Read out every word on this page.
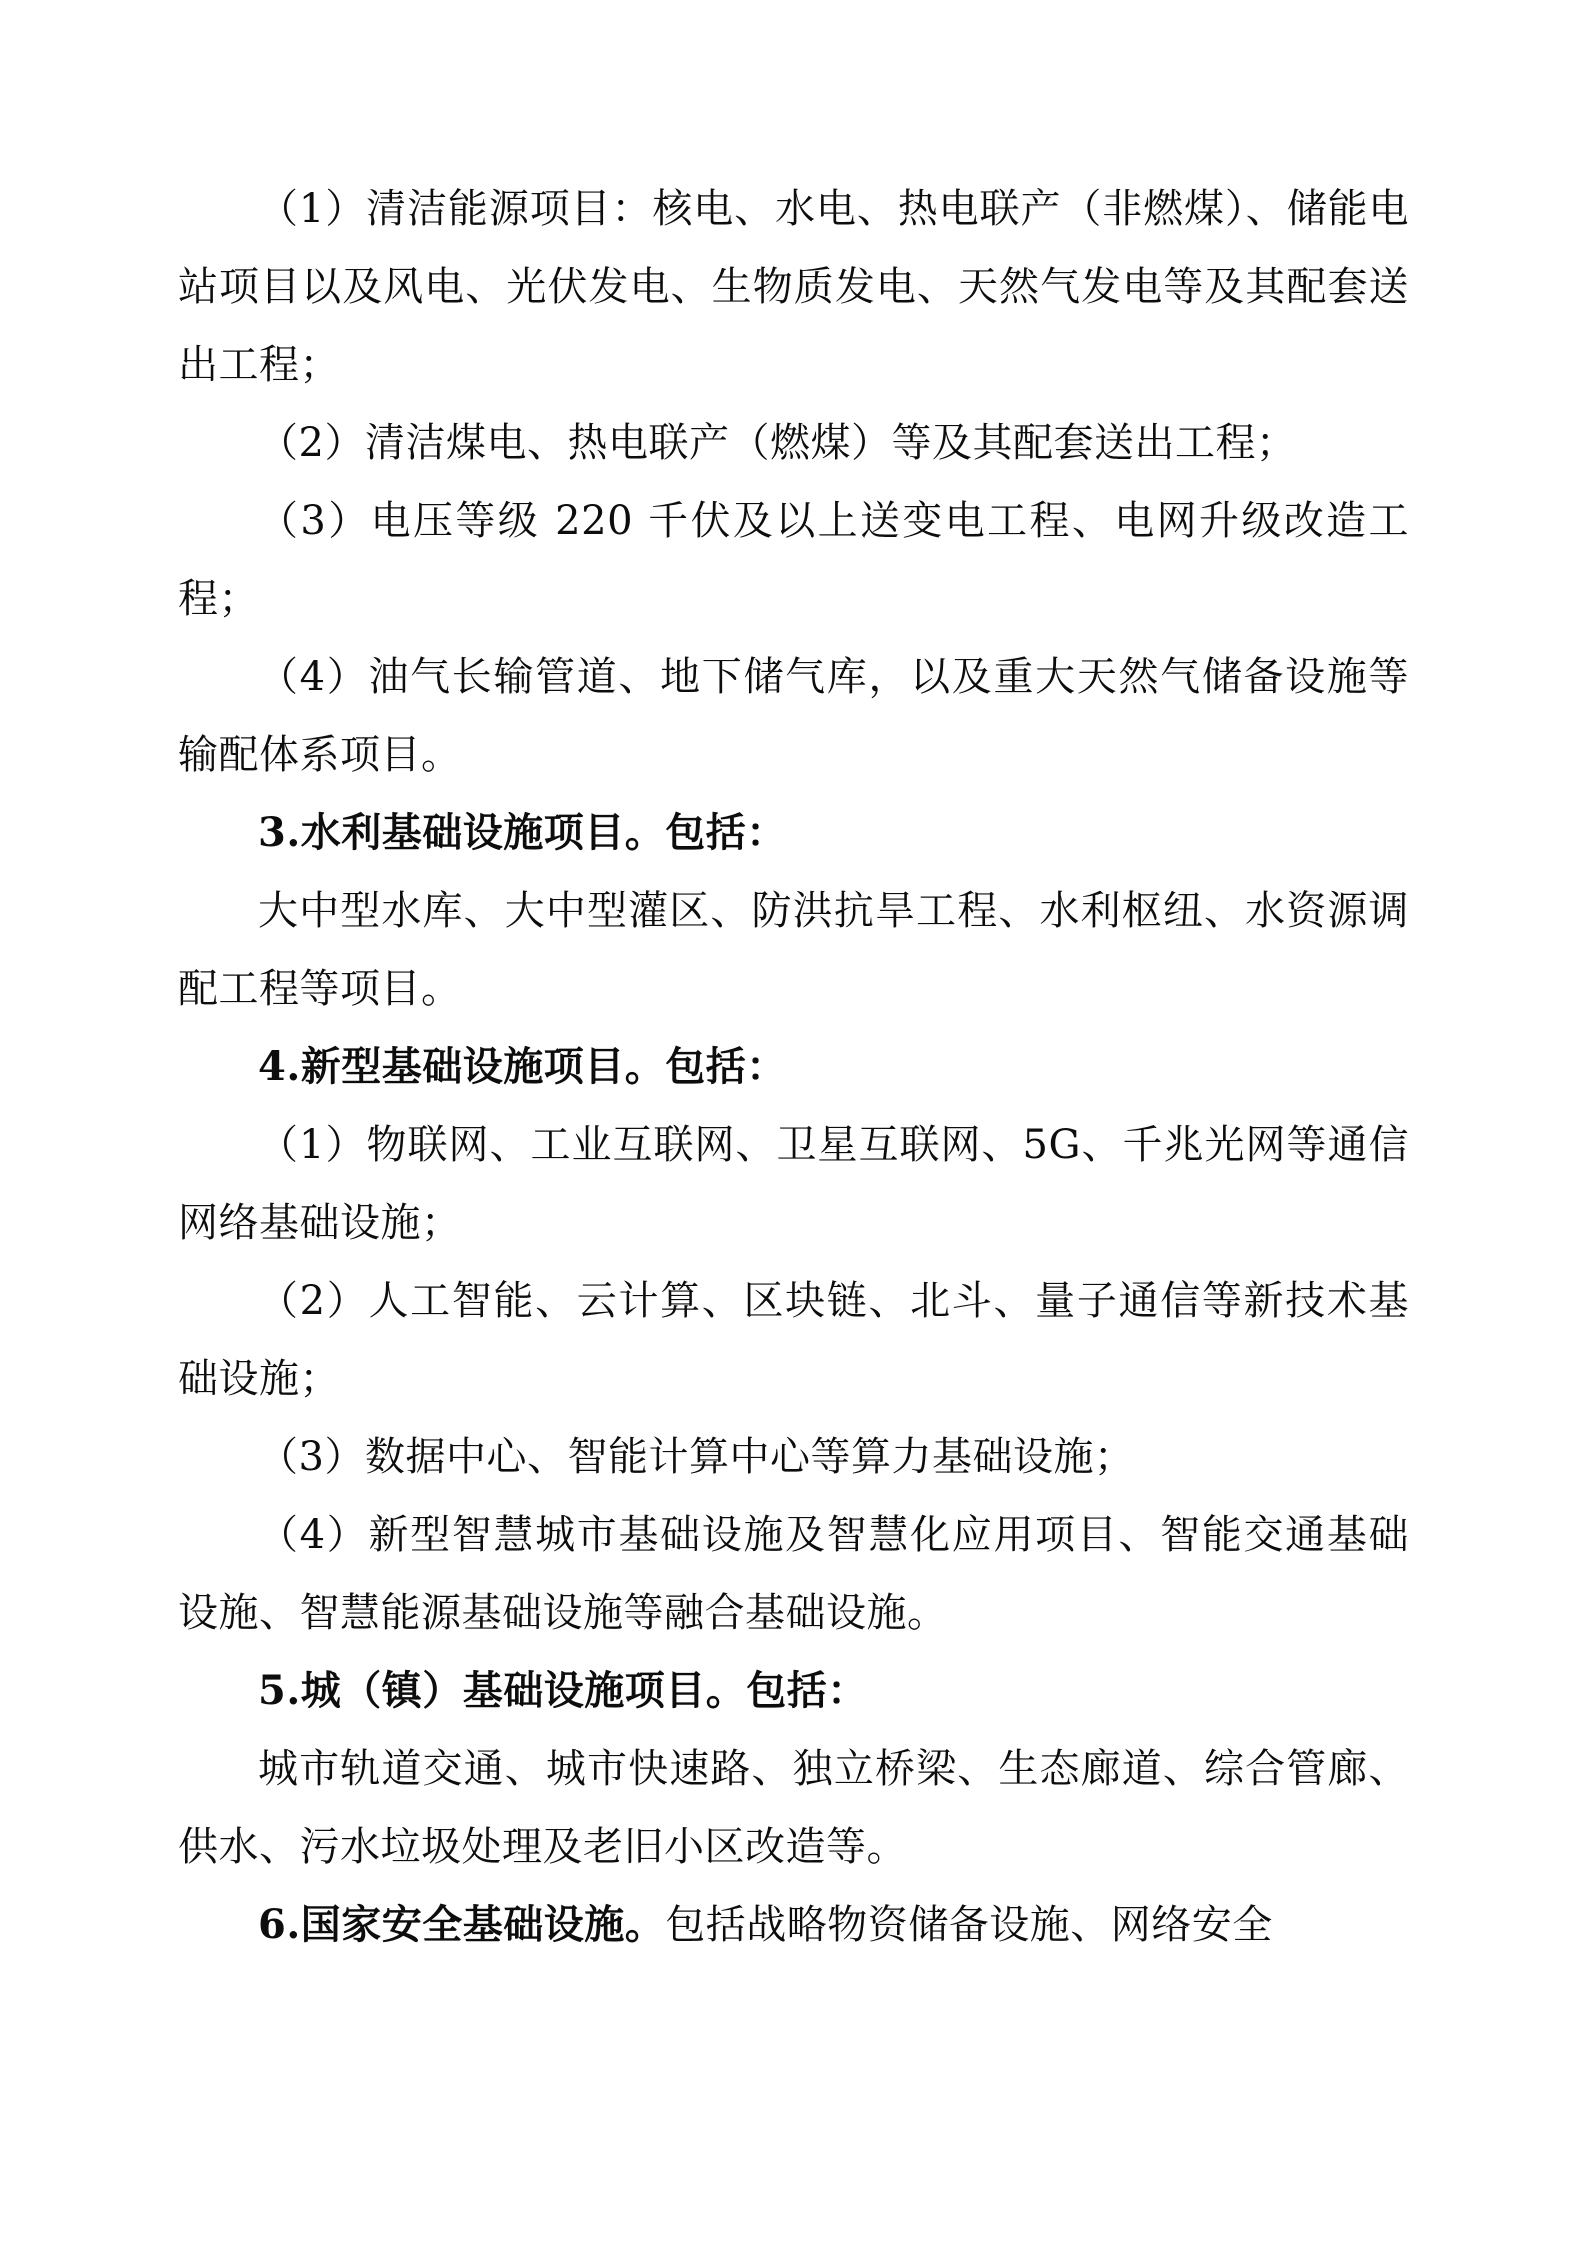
（1）清洁能源项目：核电、水电、热电联产（非燃煤）、储能电站项目以及风电、光伏发电、生物质发电、天然气发电等及其配套送出工程；

（2）清洁煤电、热电联产（燃煤）等及其配套送出工程；

（3）电压等级 220 千伏及以上送变电工程、电网升级改造工程；

（4）油气长输管道、地下储气库，以及重大天然气储备设施等输配体系项目。

3.水利基础设施项目。包括：

大中型水库、大中型灌区、防洪抗旱工程、水利枢纽、水资源调配工程等项目。

4.新型基础设施项目。包括：

（1）物联网、工业互联网、卫星互联网、5G、千兆光网等通信网络基础设施；

（2）人工智能、云计算、区块链、北斗、量子通信等新技术基础设施；

（3）数据中心、智能计算中心等算力基础设施；

（4）新型智慧城市基础设施及智慧化应用项目、智能交通基础设施、智慧能源基础设施等融合基础设施。

5.城（镇）基础设施项目。包括：

城市轨道交通、城市快速路、独立桥梁、生态廊道、综合管廊、供水、污水垃圾处理及老旧小区改造等。

6.国家安全基础设施。包括战略物资储备设施、网络安全
